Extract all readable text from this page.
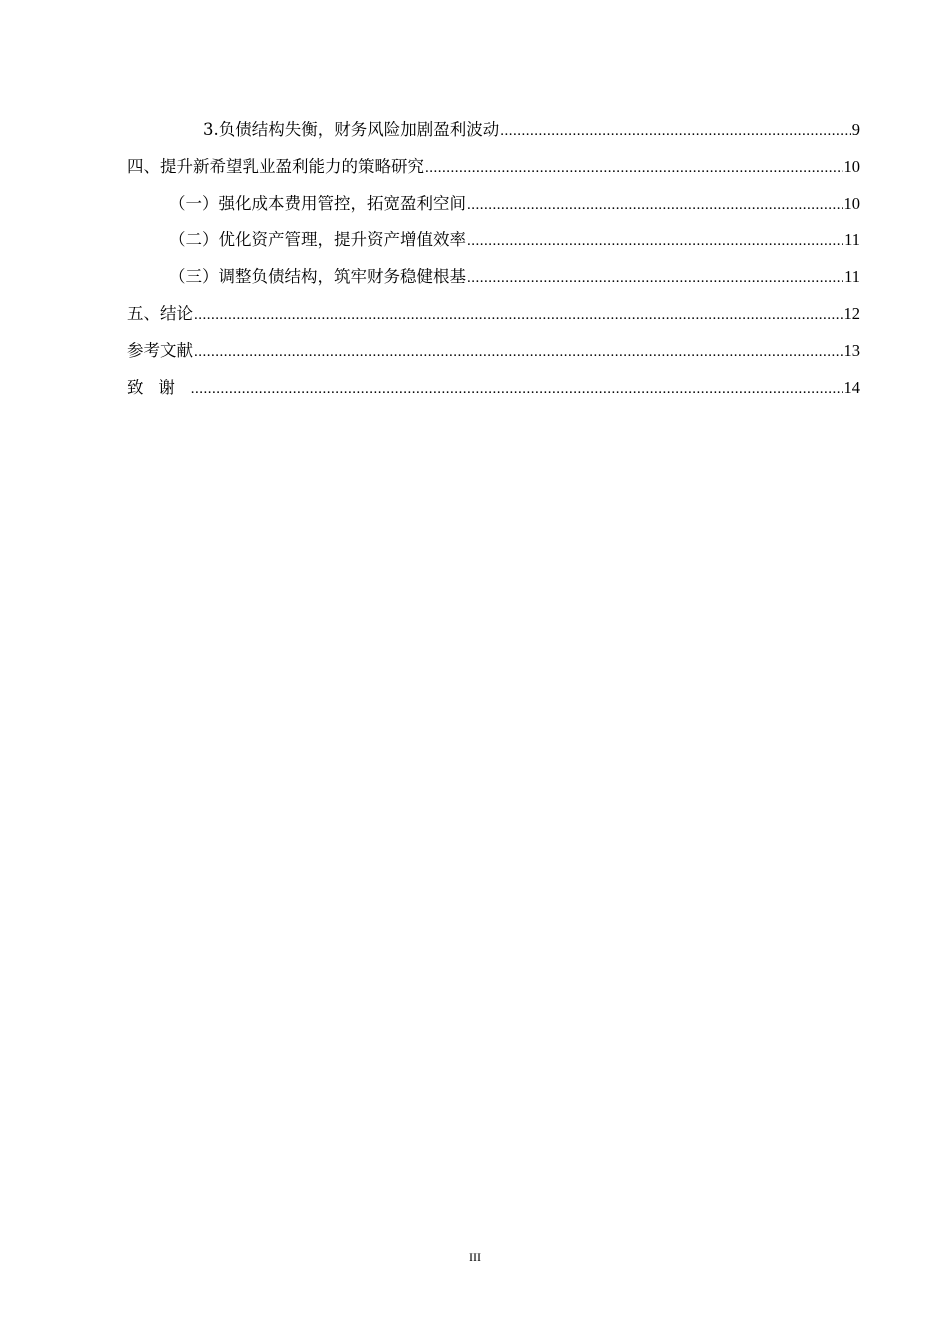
3.负债结构失衡，财务风险加剧盈利波动 .....	9
四、提升新希望乳业盈利能力的策略研究 .....	10
（一）强化成本费用管控，拓宽盈利空间 .....	10
（二）优化资产管理，提升资产增值效率 .....	11
（三）调整负债结构，筑牢财务稳健根基 .....	11
五、结论 .....	12
参考文献 .....	13
致谢 .....	14
III
